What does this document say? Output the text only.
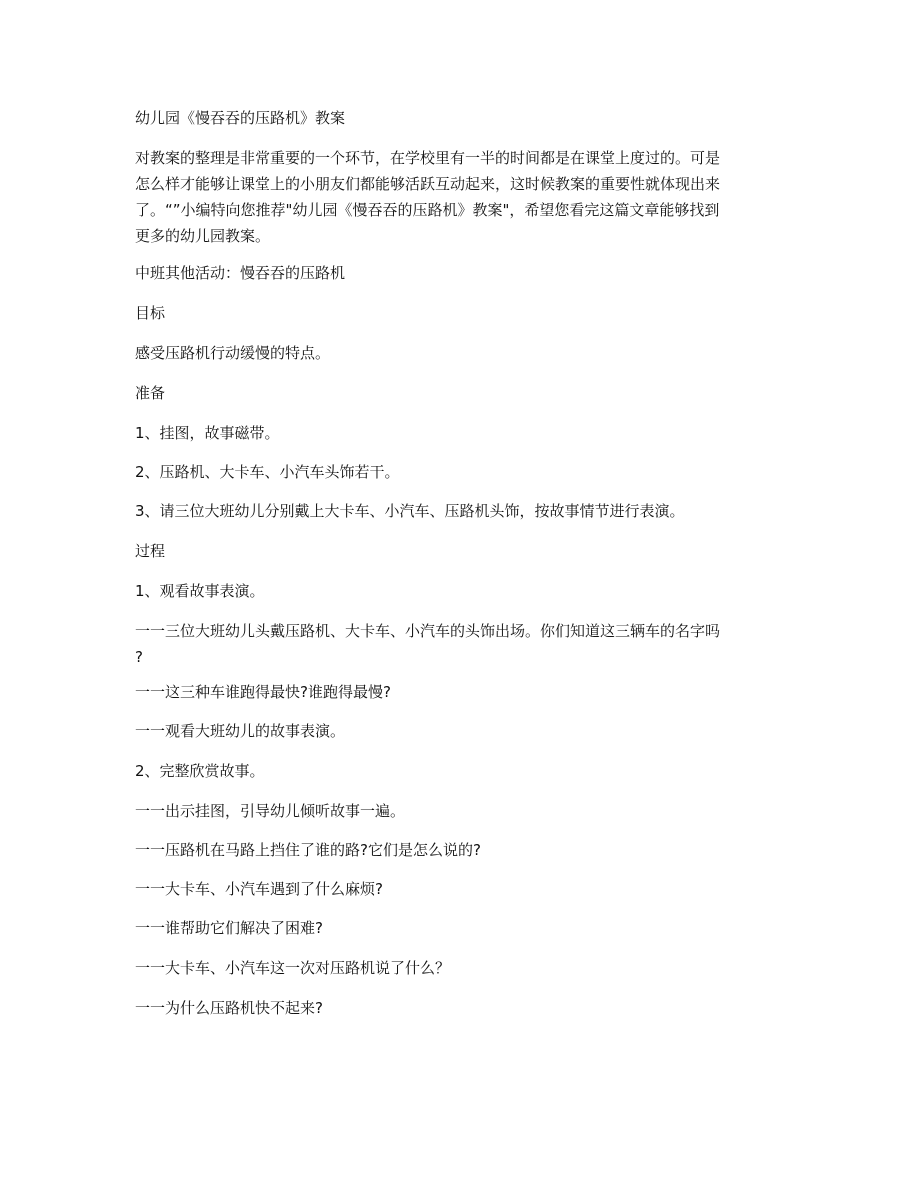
幼儿园《慢吞吞的压路机》教案
对教案的整理是非常重要的一个环节，在学校里有一半的时间都是在课堂上度过的。可是
怎么样才能够让课堂上的小朋友们都能够活跃互动起来，这时候教案的重要性就体现出来
了。“”小编特向您推荐"幼儿园《慢吞吞的压路机》教案"，希望您看完这篇文章能够找到
更多的幼儿园教案。
中班其他活动：慢吞吞的压路机
目标
感受压路机行动缓慢的特点。
准备
1、挂图，故事磁带。
2、压路机、大卡车、小汽车头饰若干。
3、请三位大班幼儿分别戴上大卡车、小汽车、压路机头饰，按故事情节进行表演。
过程
1、观看故事表演。
一一三位大班幼儿头戴压路机、大卡车、小汽车的头饰出场。你们知道这三辆车的名字吗
?
一一这三种车谁跑得最快?谁跑得最慢?
一一观看大班幼儿的故事表演。
2、完整欣赏故事。
一一出示挂图，引导幼儿倾听故事一遍。
一一压路机在马路上挡住了谁的路?它们是怎么说的?
一一大卡车、小汽车遇到了什么麻烦?
一一谁帮助它们解决了困难?
一一大卡车、小汽车这一次对压路机说了什么？
一一为什么压路机快不起来?
